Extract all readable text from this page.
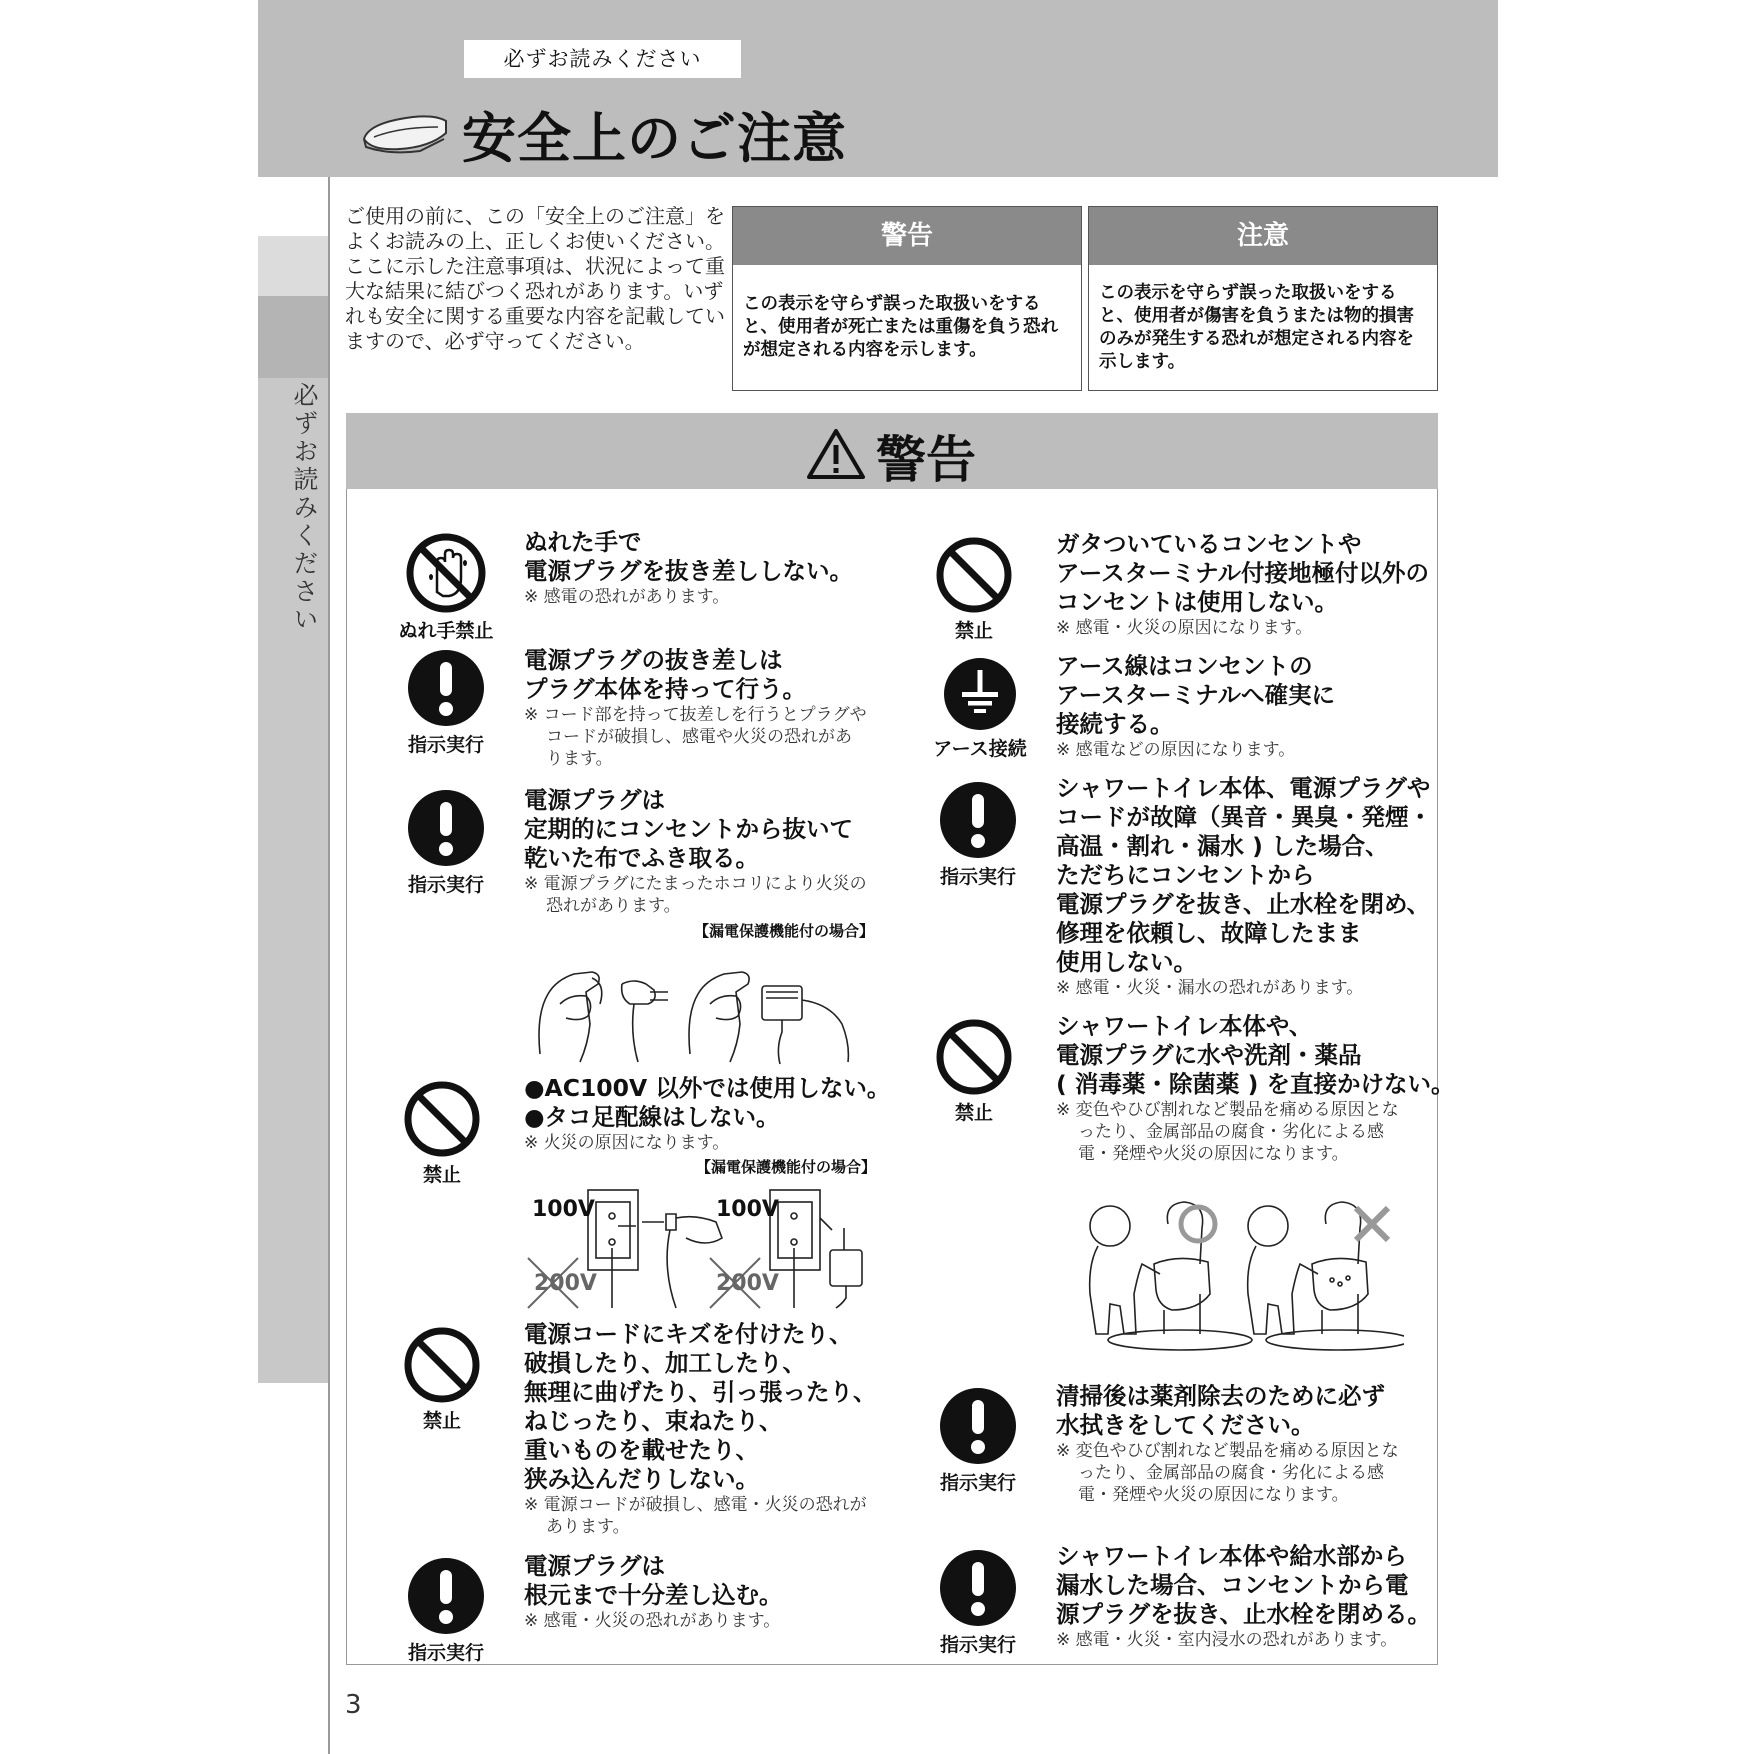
必ずお読みください
安全上のご注意
必ずお読みください
ご使用の前に、この「安全上のご注意」をよくお読みの上、正しくお使いください。ここに示した注意事項は、状況によって重大な結果に結びつく恐れがあります。いずれも安全に関する重要な内容を記載していますので、必ず守ってください。
警告
この表示を守らず誤った取扱いをすると、使用者が死亡または重傷を負う恐れが想定される内容を示します。
注意
この表示を守らず誤った取扱いをすると、使用者が傷害を負うまたは物的損害のみが発生する恐れが想定される内容を示します。
警告
ぬれ手禁止
ぬれた手で
電源プラグを抜き差ししない。
※ 感電の恐れがあります。
指示実行
電源プラグの抜き差しは
プラグ本体を持って行う。
※ コード部を持って抜差しを行うとプラグやコードが破損し、感電や火災の恐れがあります。
指示実行
電源プラグは
定期的にコンセントから抜いて
乾いた布でふき取る。
※ 電源プラグにたまったホコリにより火災の恐れがあります。
【漏電保護機能付の場合】
禁止
●AC100V 以外では使用しない。
●タコ足配線はしない。
※ 火災の原因になります。
【漏電保護機能付の場合】
100V
200V
100V
200V
禁止
電源コードにキズを付けたり、
破損したり、加工したり、
無理に曲げたり、引っ張ったり、
ねじったり、束ねたり、
重いものを載せたり、
狭み込んだりしない。
※ 電源コードが破損し、感電・火災の恐れがあります。
指示実行
電源プラグは
根元まで十分差し込む。
※ 感電・火災の恐れがあります。
禁止
ガタついているコンセントや
アースターミナル付接地極付以外の
コンセントは使用しない。
※ 感電・火災の原因になります。
アース接続
アース線はコンセントの
アースターミナルへ確実に
接続する。
※ 感電などの原因になります。
指示実行
シャワートイレ本体、電源プラグや
コードが故障（異音・異臭・発煙・
高温・割れ・漏水 ) した場合、
ただちにコンセントから
電源プラグを抜き、止水栓を閉め、
修理を依頼し、故障したまま
使用しない。
※ 感電・火災・漏水の恐れがあります。
禁止
シャワートイレ本体や、
電源プラグに水や洗剤・薬品
( 消毒薬・除菌薬 ) を直接かけない。
※ 変色やひび割れなど製品を痛める原因となったり、金属部品の腐食・劣化による感電・発煙や火災の原因になります。
指示実行
清掃後は薬剤除去のために必ず
水拭きをしてください。
※ 変色やひび割れなど製品を痛める原因となったり、金属部品の腐食・劣化による感電・発煙や火災の原因になります。
指示実行
シャワートイレ本体や給水部から
漏水した場合、コンセントから電
源プラグを抜き、止水栓を閉める。
※ 感電・火災・室内浸水の恐れがあります。
3
